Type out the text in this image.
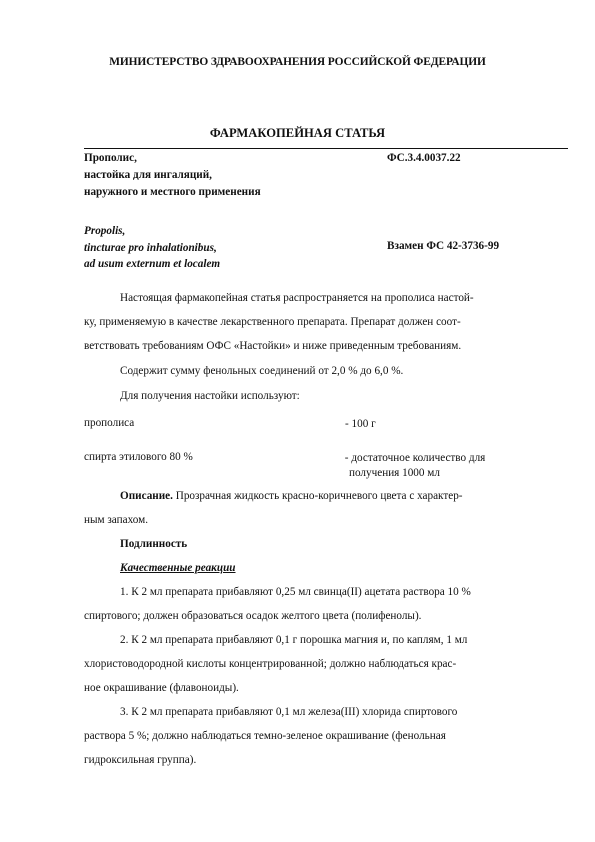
МИНИСТЕРСТВО ЗДРАВООХРАНЕНИЯ РОССИЙСКОЙ ФЕДЕРАЦИИ
ФАРМАКОПЕЙНАЯ СТАТЬЯ
Прополис,
настойка для ингаляций,
наружного и местного применения
ФС.3.4.0037.22
Propolis,
tincturae pro inhalationibus,
ad usum externum et localem
Взамен ФС 42-3736-99
Настоящая фармакопейная статья распространяется на прополиса настой-
ку, применяемую в качестве лекарственного препарата. Препарат должен соот-
ветствовать требованиям ОФС «Настойки» и ниже приведенным требованиям.
Содержит сумму фенольных соединений от 2,0 % до 6,0 %.
Для получения настойки используют:
прополиса	- 100 г
спирта этилового 80 %	- достаточное количество для
получения 1000 мл
Описание. Прозрачная жидкость красно-коричневого цвета с характер-
ным запахом.
Подлинность
Качественные реакции
1. К 2 мл препарата прибавляют 0,25 мл свинца(II) ацетата раствора 10 %
спиртового; должен образоваться осадок желтого цвета (полифенолы).
2. К 2 мл препарата прибавляют 0,1 г порошка магния и, по каплям, 1 мл
хлористоводородной кислоты концентрированной; должно наблюдаться крас-
ное окрашивание (флавоноиды).
3. К 2 мл препарата прибавляют 0,1 мл железа(III) хлорида спиртового
раствора 5 %; должно наблюдаться темно-зеленое окрашивание (фенольная
гидроксильная группа).
